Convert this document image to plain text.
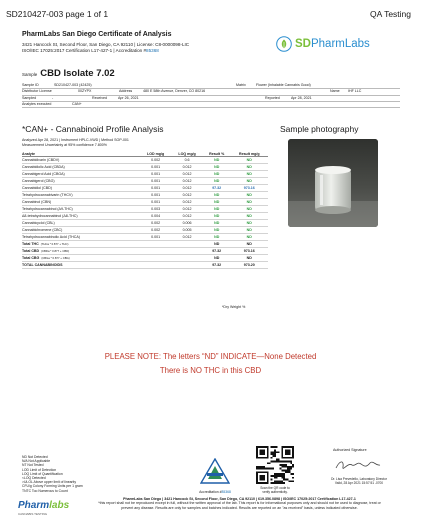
SD210427-003 page 1 of 1	QA Testing
PharmLabs San Diego Certificate of Analysis
3421 Hancock St, Second Floor, San Diego, CA 92110 | License: C8-0000098-LIC
ISO/IEC 17025:2017 Certification L17-427-1 | Accreditation #85368
SDPharmLabs
Sample CBD Isolate 7.02
Sample ID	SD210427-003 (42425)	Matrix	Flower (Inhalable Cannabis Good)
Distributor License	00ZYPX	Address	480 E 58th Avenue, Denver, CO 80216	Name	IHF LLC
Sampled	-	Received	Apr 26, 2021	Reported	Apr 28, 2021
Analytes executed	CAN+
*CAN+ - Cannabinoid Profile Analysis	Sample photography
Analyzed Apr 28, 2021 | Instrument HPLC-VWD | Method SOP-001
Measurement Uncertainty at 95% confidence 7.800%
Analyte	LOD mg/g	LOQ mg/g	Result %	Result mg/g
Cannabidivarin (CBDV)	0.002	0.6	ND	ND
Cannabidiolic Acid (CBDA)	0.001	0.012	ND	ND
Cannabigerol Acid (CBGA)	0.001	0.012	ND	ND
Cannabigerol (CBG)	0.001	0.012	ND	ND
Cannabidiol (CBD)	0.001	0.012	97.32	973.16
Tetrahydrocannabivarin (THCV)	0.001	0.012	ND	ND
Cannabinol (CBN)	0.001	0.012	ND	ND
Tetrahydrocannabinol (Δ9-THC)	0.003	0.012	ND	ND
Δ8-tetrahydrocannabinol (Δ8-THC)	0.004	0.012	ND	ND
Cannabicyclol (CBL)	0.002	0.006	ND	ND
Cannabichromene (CBC)	0.002	0.005	ND	ND
Tetrahydrocannabinolic Acid (THCA)	0.001	0.012	ND	ND
Total THC (THCa * 0.877 + THC)			ND	ND
Total CBD (CBDa * 0.877 + CBD)			97.32	973.16
Total CBG (CBGa * 0.877 + CBG)			ND	ND
TOTAL CANNABINOIDS			97.32	973.20
*Dry Weight %
PLEASE NOTE: The letters “ND” INDICATE—None Detected
There is NO THC in this CBD
ND Not Detected
N/A Not Applicable
NT Not Tested
LOD Limit of Detection
LOQ Limit of Quantification
<LOQ Detected
>ULOL Above upper limit of linearity
CFU/g Colony Forming Units per 1 gram
TNTC Too Numerous to Count	Accreditation #85368
Scan the QR code to
verify authenticity.
Authorized Signature
Dr. Lisa Prevedello, Laboratory Director
Valid, 28 Apr 2021 15:57:51 -0700
Pharmlabs
CANNABIS TESTING
PharmLabs San Diego | 3421 Hancock St, Second Floor, San Diego, CA 92110 | 619.356.0898 | ISO/IEC 17025:2017 Certification L17-427-1
*this report shall not be reproduced except in full, without the written approval of the lab. This report is for informational purposes only and should not be used to diagnose, treat or
prevent any disease. Results are only for samples and batches indicated. Results are reported on an "as received" basis, unless indicated otherwise.
